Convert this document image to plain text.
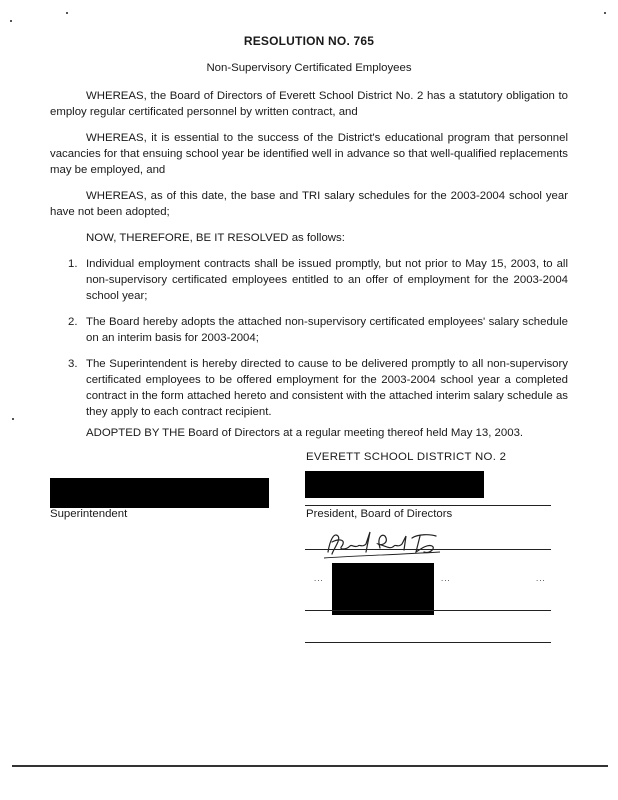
RESOLUTION NO. 765
Non-Supervisory Certificated Employees
WHEREAS, the Board of Directors of Everett School District No. 2 has a statutory obligation to employ regular certificated personnel by written contract, and
WHEREAS, it is essential to the success of the District's educational program that personnel vacancies for that ensuing school year be identified well in advance so that well-qualified replacements may be employed, and
WHEREAS, as of this date, the base and TRI salary schedules for the 2003-2004 school year have not been adopted;
NOW, THEREFORE, BE IT RESOLVED as follows:
1. Individual employment contracts shall be issued promptly, but not prior to May 15, 2003, to all non-supervisory certificated employees entitled to an offer of employment for the 2003-2004 school year;
2. The Board hereby adopts the attached non-supervisory certificated employees' salary schedule on an interim basis for 2003-2004;
3. The Superintendent is hereby directed to cause to be delivered promptly to all non-supervisory certificated employees to be offered employment for the 2003-2004 school year a completed contract in the form attached hereto and consistent with the attached interim salary schedule as they apply to each contract recipient.
ADOPTED BY THE Board of Directors at a regular meeting thereof held May 13, 2003.
EVERETT SCHOOL DISTRICT NO. 2
Superintendent	President, Board of Directors
...	...	...
